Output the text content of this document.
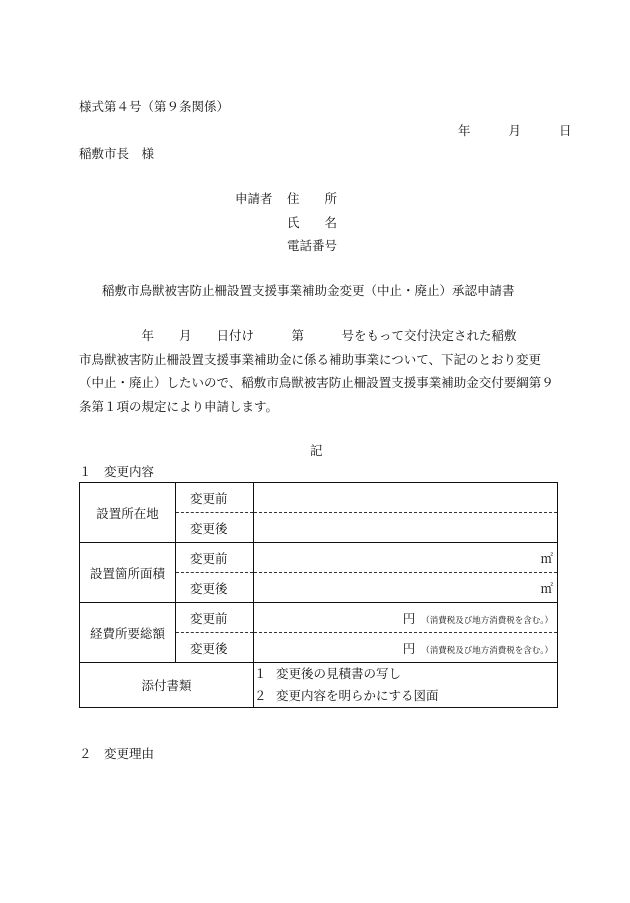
様式第４号（第９条関係）
年	月	日
稲敷市長　様
申請者 住　　所
氏　　名
電話番号
稲敷市鳥獣被害防止柵設置支援事業補助金変更（中止・廃止）承認申請書
　　　　　年　　月　　日付け　　　第　　　号をもって交付決定された稲敷
市鳥獣被害防止柵設置支援事業補助金に係る補助事業について、下記のとおり変更（中止・廃止）したいので、稲敷市鳥獣被害防止柵設置支援事業補助金交付要綱第９条第１項の規定により申請します。
記
１　変更内容
設置所在地	変更前	
	変更後	
設置箇所面積	変更前	㎡
	変更後	㎡
経費所要総額	変更前	円 （消費税及び地方消費税を含む。）
	変更後	円 （消費税及び地方消費税を含む。）
添付書類		１ 変更後の見積書の写し
２ 変更内容を明らかにする図面
２　変更理由
